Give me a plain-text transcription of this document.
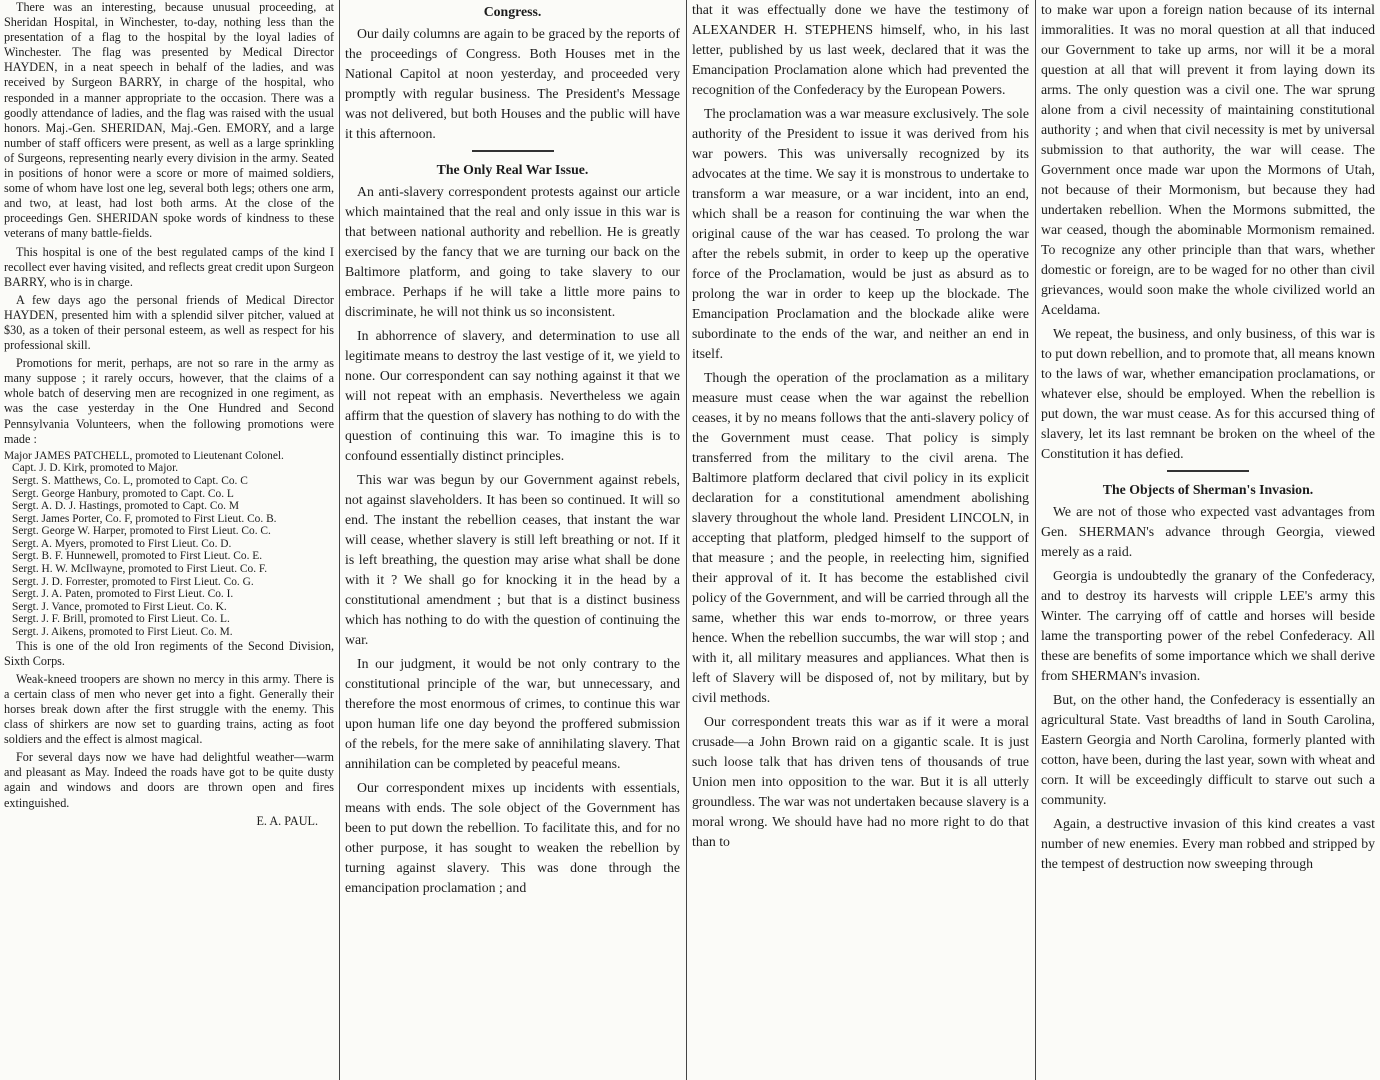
There was an interesting, because unusual proceeding, at Sheridan Hospital, in Winchester, to-day, nothing less than the presentation of a flag to the hospital by the loyal ladies of Winchester. The flag was presented by Medical Director HAYDEN, in a neat speech in behalf of the ladies, and was received by Surgeon BARRY, in charge of the hospital, who responded in a manner appropriate to the occasion. There was a goodly attendance of ladies, and the flag was raised with the usual honors. Maj.-Gen. SHERIDAN, Maj.-Gen. EMORY, and a large number of staff officers were present, as well as a large sprinkling of Surgeons, representing nearly every division in the army. Seated in positions of honor were a score or more of maimed soldiers, some of whom have lost one leg, several both legs; others one arm, and two, at least, had lost both arms. At the close of the proceedings Gen. SHERIDAN spoke words of kindness to these veterans of many battle-fields.

This hospital is one of the best regulated camps of the kind I recollect ever having visited, and reflects great credit upon Surgeon BARRY, who is in charge.

A few days ago the personal friends of Medical Director HAYDEN, presented him with a splendid silver pitcher, valued at $30, as a token of their personal esteem, as well as respect for his professional skill.

Promotions for merit, perhaps, are not so rare in the army as many suppose ; it rarely occurs, however, that the claims of a whole batch of deserving men are recognized in one regiment, as was the case yesterday in the One Hundred and Second Pennsylvania Volunteers, when the following promotions were made :

Major JAMES PATCHELL, promoted to Lieutenant Colonel.
Capt. J. D. Kirk, promoted to Major.
Sergt. S. Matthews, Co. L, promoted to Capt. Co. C
Sergt. George Hanbury, promoted to Capt. Co. L
Sergt. A. D. J. Hastings, promoted to Capt. Co. M
Sergt. James Porter, Co. F, promoted to First Lieut. Co. B.
Sergt. George W. Harper, promoted to First Lieut. Co. C.
Sergt. A. Myers, promoted to First Lieut. Co. D.
Sergt. B. F. Hunnewell, promoted to First Lieut. Co. E.
Sergt. H. W. McIlwayne, promoted to First Lieut. Co. F.
Sergt. J. D. Forrester, promoted to First Lieut. Co. G.
Sergt. J. A. Paten, promoted to First Lieut. Co. I.
Sergt. J. Vance, promoted to First Lieut. Co. K.
Sergt. J. F. Brill, promoted to First Lieut. Co. L.
Sergt. J. Aikens, promoted to First Lieut. Co. M.

This is one of the old Iron regiments of the Second Division, Sixth Corps.

Weak-kneed troopers are shown no mercy in this army. There is a certain class of men who never get into a fight. Generally their horses break down after the first struggle with the enemy. This class of shirkers are now set to guarding trains, acting as foot soldiers and the effect is almost magical.

For several days now we have had delightful weather—warm and pleasant as May. Indeed the roads have got to be quite dusty again and windows and doors are thrown open and fires extinguished.

E. A. PAUL.
Congress.

Our daily columns are again to be graced by the reports of the proceedings of Congress. Both Houses met in the National Capitol at noon yesterday, and proceeded very promptly with regular business. The President's Message was not delivered, but both Houses and the public will have it this afternoon.

The Only Real War Issue.

An anti-slavery correspondent protests against our article which maintained that the real and only issue in this war is that between national authority and rebellion. He is greatly exercised by the fancy that we are turning our back on the Baltimore platform, and going to take slavery to our embrace. Perhaps if he will take a little more pains to discriminate, he will not think us so inconsistent.

In abhorrence of slavery, and determination to use all legitimate means to destroy the last vestige of it, we yield to none. Our correspondent can say nothing against it that we will not repeat with an emphasis. Nevertheless we again affirm that the question of slavery has nothing to do with the question of continuing this war. To imagine this is to confound essentially distinct principles.

This war was begun by our Government against rebels, not against slaveholders. It has been so continued. It will so end. The instant the rebellion ceases, that instant the war will cease, whether slavery is still left breathing or not. If it is left breathing, the question may arise what shall be done with it ? We shall go for knocking it in the head by a constitutional amendment ; but that is a distinct business which has nothing to do with the question of continuing the war.

In our judgment, it would be not only contrary to the constitutional principle of the war, but unnecessary, and therefore the most enormous of crimes, to continue this war upon human life one day beyond the proffered submission of the rebels, for the mere sake of annihilating slavery. That annihilation can be completed by peaceful means.

Our correspondent mixes up incidents with essentials, means with ends. The sole object of the Government has been to put down the rebellion. To facilitate this, and for no other purpose, it has sought to weaken the rebellion by turning against slavery. This was done through the emancipation proclamation ; and

that it was effectually done we have the testimony of ALEXANDER H. STEPHENS himself, who, in his last letter, published by us last week, declared that it was the Emancipation Proclamation alone which had prevented the recognition of the Confederacy by the European Powers.

The proclamation was a war measure exclusively. The sole authority of the President to issue it was derived from his war powers. This was universally recognized by its advocates at the time. We say it is monstrous to undertake to transform a war measure, or a war incident, into an end, which shall be a reason for continuing the war when the original cause of the war has ceased. To prolong the war after the rebels submit, in order to keep up the operative force of the Proclamation, would be just as absurd as to prolong the war in order to keep up the blockade. The Emancipation Proclamation and the blockade alike were subordinate to the ends of the war, and neither an end in itself.

Though the operation of the proclamation as a military measure must cease when the war against the rebellion ceases, it by no means follows that the anti-slavery policy of the Government must cease. That policy is simply transferred from the military to the civil arena. The Baltimore platform declared that civil policy in its explicit declaration for a constitutional amendment abolishing slavery throughout the whole land. President LINCOLN, in accepting that platform, pledged himself to the support of that measure ; and the people, in reelecting him, signified their approval of it. It has become the established civil policy of the Government, and will be carried through all the same, whether this war ends to-morrow, or three years hence. When the rebellion succumbs, the war will stop ; and with it, all military measures and appliances. What then is left of Slavery will be disposed of, not by military, but by civil methods.

Our correspondent treats this war as if it were a moral crusade—a John Brown raid on a gigantic scale. It is just such loose talk that has driven tens of thousands of true Union men into opposition to the war. But it is all utterly groundless. The war was not undertaken because slavery is a moral wrong. We should have had no more right to do that than to

to make war upon a foreign nation because of its internal immoralities. It was no moral question at all that induced our Government to take up arms, nor will it be a moral question at all that will prevent it from laying down its arms. The only question was a civil one. The war sprung alone from a civil necessity of maintaining constitutional authority ; and when that civil necessity is met by universal submission to that authority, the war will cease. The Government once made war upon the Mormons of Utah, not because of their Mormonism, but because they had undertaken rebellion. When the Mormons submitted, the war ceased, though the abominable Mormonism remained. To recognize any other principle than that wars, whether domestic or foreign, are to be waged for no other than civil grievances, would soon make the whole civilized world an Aceldama.

We repeat, the business, and only business, of this war is to put down rebellion, and to promote that, all means known to the laws of war, whether emancipation proclamations, or whatever else, should be employed. When the rebellion is put down, the war must cease. As for this accursed thing of slavery, let its last remnant be broken on the wheel of the Constitution it has defied.

The Objects of Sherman's Invasion.

We are not of those who expected vast advantages from Gen. SHERMAN's advance through Georgia, viewed merely as a raid.

Georgia is undoubtedly the granary of the Confederacy, and to destroy its harvests will cripple LEE's army this Winter. The carrying off of cattle and horses will beside lame the transporting power of the rebel Confederacy. All these are benefits of some importance which we shall derive from SHERMAN's invasion.

But, on the other hand, the Confederacy is essentially an agricultural State. Vast breadths of land in South Carolina, Eastern Georgia and North Carolina, formerly planted with cotton, have been, during the last year, sown with wheat and corn. It will be exceedingly difficult to starve out such a community.

Again, a destructive invasion of this kind creates a vast number of new enemies. Every man robbed and stripped by the tempest of destruction now sweeping through
